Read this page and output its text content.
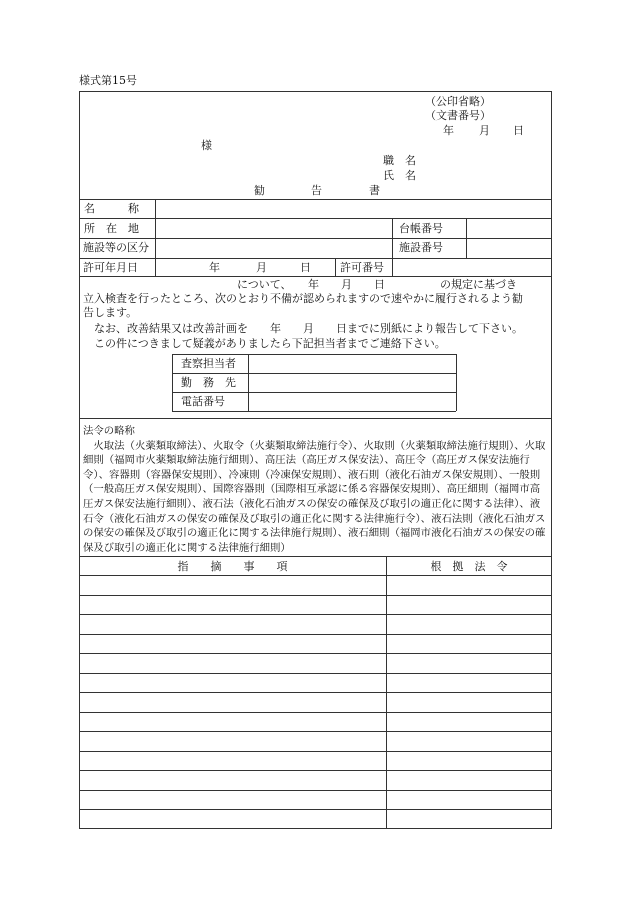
様式第15号
（公印省略）
（文書番号）
年 月 日
様
職　名
氏　名
勧	告	書
名　　　称
所　在　地	台帳番号
施設等の区分	施設番号
許可年月日	年	月	日	許可番号
について、　　年　　月　　日　　　　　の規定に基づき
立入検査を行ったところ、次のとおり不備が認められますので速やかに履行されるよう勧
告します。
なお、改善結果又は改善計画を　　年　　月　　日までに別紙により報告して下さい。
この件につきまして疑義がありましたら下記担当者までご連絡下さい。
査察担当者
勤　務　先
電話番号

法令の略称

火取法（火薬類取締法）、火取令（火薬類取締法施行令）、火取則（火薬類取締法施行規則）、火取細則（福岡市火薬類取締法施行細則）、高圧法（高圧ガス保安法）、高圧令（高圧ガス保安法施行令）、容器則（容器保安規則）、冷凍則（冷凍保安規則）、液石則（液化石油ガス保安規則）、一般則（一般高圧ガス保安規則）、国際容器則（国際相互承認に係る容器保安規則）、高圧細則（福岡市高圧ガス保安法施行細則）、液石法（液化石油ガスの保安の確保及び取引の適正化に関する法律）、液石令（液化石油ガスの保安の確保及び取引の適正化に関する法律施行令）、液石法則（液化石油ガスの保安の確保及び取引の適正化に関する法律施行規則）、液石細則（福岡市液化石油ガスの保安の確保及び取引の適正化に関する法律施行細則）

指　　摘　　事　　項	根　拠　法　令
